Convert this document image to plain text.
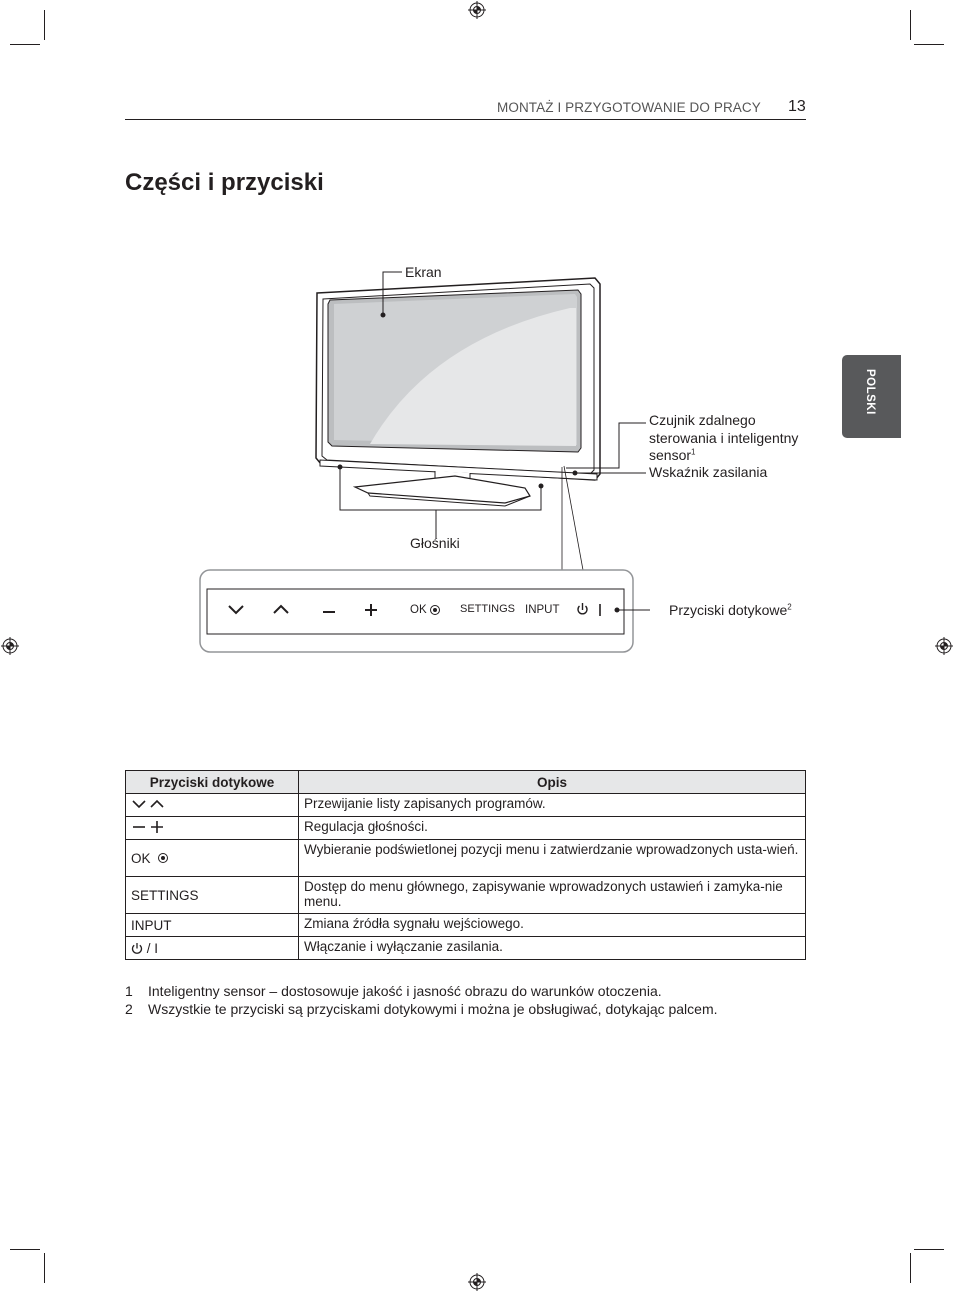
MONTAŻ I PRZYGOTOWANIE DO PRACY 13
Części i przyciski
POLSKI
Ekran
Czujnik zdalnego
sterowania i inteligentny
sensor$^1$
Wskaźnik zasilania
Głośniki
Przyciski dotykowe$^2$
OK	SETTINGS INPUT
Przyciski dotykowe	Opis
	Przewijanie listy zapisanych programów.
	Regulacja głośności.
OK	Wybieranie podświetlonej pozycji menu i zatwierdzanie wprowadzonych usta-wień.
SETTINGS	Dostęp do menu głównego, zapisywanie wprowadzonych ustawień i zamyka-nie menu.
INPUT	Zmiana źródła sygnału wejściowego.
/ I	Włączanie i wyłączanie zasilania.
1 Inteligentny sensor – dostosowuje jakość i jasność obrazu do warunków otoczenia.
2 Wszystkie te przyciski są przyciskami dotykowymi i można je obsługiwać, dotykając palcem.
